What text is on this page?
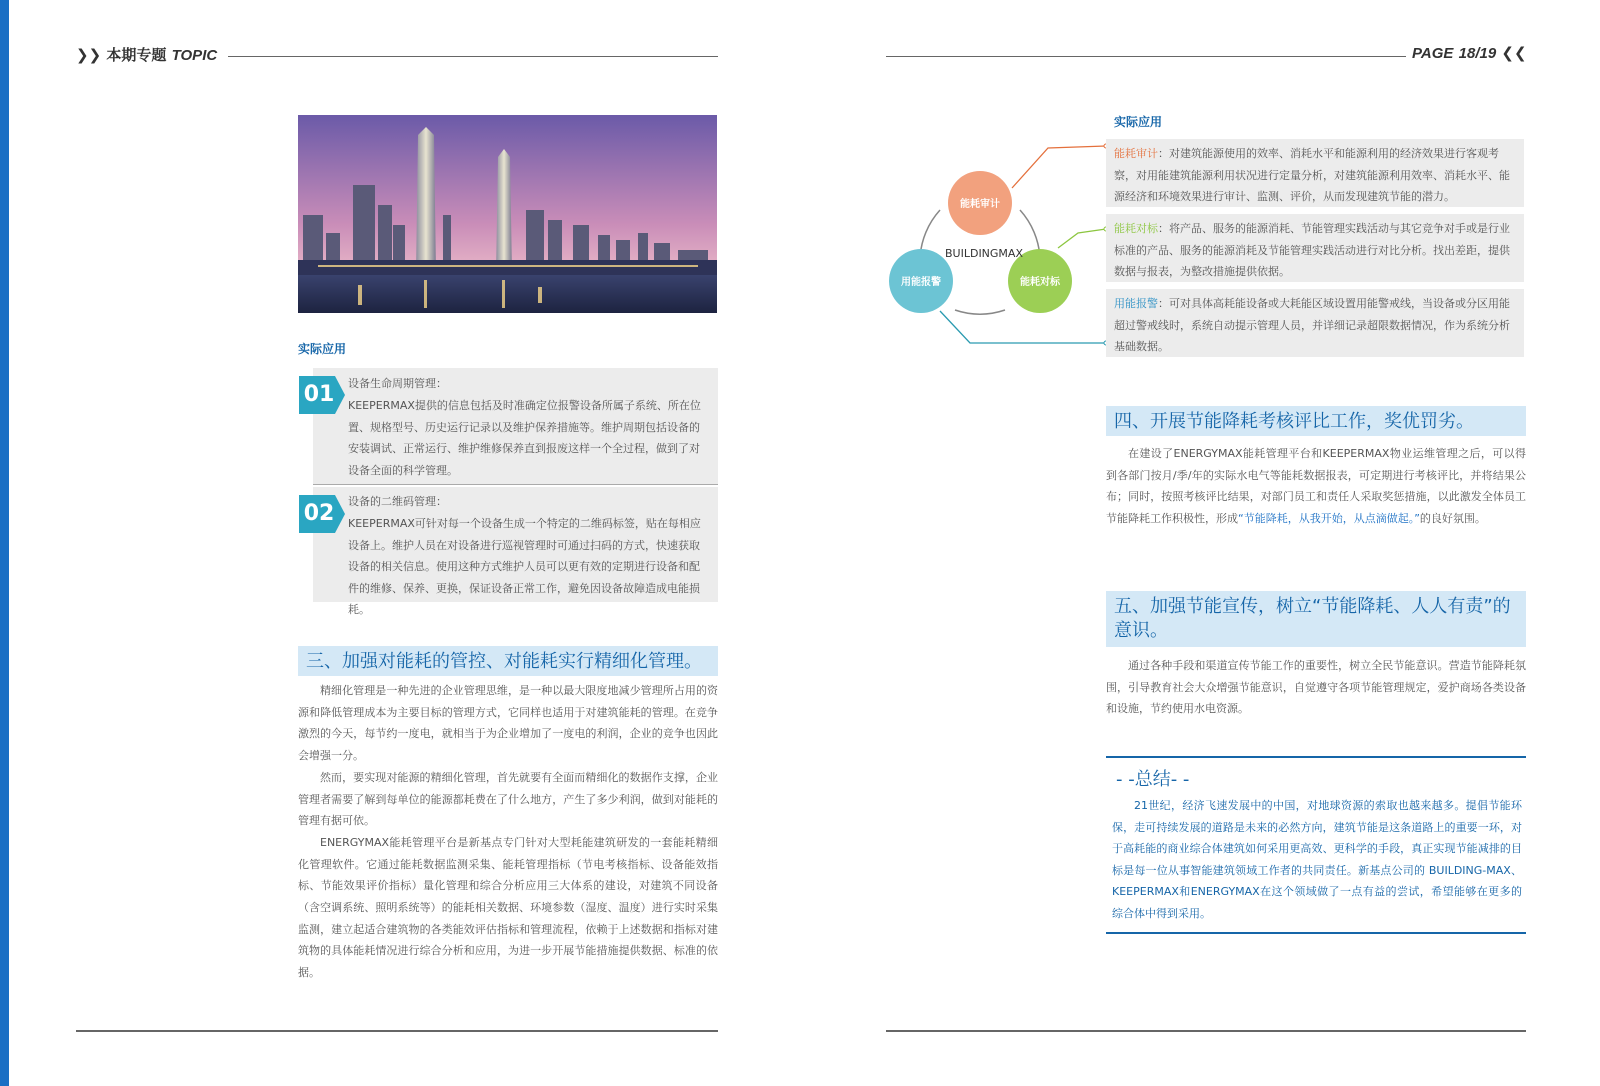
❯❯ 本期专题 TOPIC	PAGE 18/19 ❮❮
实际应用
设备生命周期管理：
KEEPERMAX提供的信息包括及时准确定位报警设备所属子系统、所在位置、规格型号、历史运行记录以及维护保养措施等。维护周期包括设备的安装调试、正常运行、维护维修保养直到报废这样一个全过程，做到了对设备全面的科学管理。
01
设备的二维码管理：
KEEPERMAX可针对每一个设备生成一个特定的二维码标签，贴在每相应设备上。维护人员在对设备进行巡视管理时可通过扫码的方式，快速获取设备的相关信息。使用这种方式维护人员可以更有效的定期进行设备和配件的维修、保养、更换，保证设备正常工作，避免因设备故障造成电能损耗。
02
三、加强对能耗的管控、对能耗实行精细化管理。

精细化管理是一种先进的企业管理思维，是一种以最大限度地减少管理所占用的资源和降低管理成本为主要目标的管理方式，它同样也适用于对建筑能耗的管理。在竞争激烈的今天，每节约一度电，就相当于为企业增加了一度电的利润，企业的竞争也因此会增强一分。

然而，要实现对能源的精细化管理，首先就要有全面而精细化的数据作支撑，企业管理者需要了解到每单位的能源都耗费在了什么地方，产生了多少利润，做到对能耗的管理有据可依。

ENERGYMAX能耗管理平台是新基点专门针对大型耗能建筑研发的一套能耗精细化管理软件。它通过能耗数据监测采集、能耗管理指标（节电考核指标、设备能效指标、节能效果评价指标）量化管理和综合分析应用三大体系的建设，对建筑不同设备（含空调系统、照明系统等）的能耗相关数据、环境参数（湿度、温度）进行实时采集监测，建立起适合建筑物的各类能效评估指标和管理流程，依赖于上述数据和指标对建筑物的具体能耗情况进行综合分析和应用，为进一步开展节能措施提供数据、标准的依据。

实际应用
能耗审计
能耗对标
用能报警
BUILDINGMAX
能耗审计：对建筑能源使用的效率、消耗水平和能源利用的经济效果进行客观考察，对用能建筑能源利用状况进行定量分析，对建筑能源利用效率、消耗水平、能源经济和环境效果进行审计、监测、评价，从而发现建筑节能的潜力。
能耗对标：将产品、服务的能源消耗、节能管理实践活动与其它竞争对手或是行业标准的产品、服务的能源消耗及节能管理实践活动进行对比分析。找出差距，提供数据与报表，为整改措施提供依据。
用能报警：可对具体高耗能设备或大耗能区域设置用能警戒线，当设备或分区用能超过警戒线时，系统自动提示管理人员，并详细记录超限数据情况，作为系统分析基础数据。
四、开展节能降耗考核评比工作，奖优罚劣。

在建设了ENERGYMAX能耗管理平台和KEEPERMAX物业运维管理之后，可以得到各部门按月/季/年的实际水电气等能耗数据报表，可定期进行考核评比，并将结果公布；同时，按照考核评比结果，对部门员工和责任人采取奖惩措施，以此激发全体员工节能降耗工作积极性，形成“节能降耗，从我开始，从点滴做起。”的良好氛围。

五、加强节能宣传，树立“节能降耗、人人有责”的意识。

通过各种手段和渠道宣传节能工作的重要性，树立全民节能意识。营造节能降耗氛围，引导教育社会大众增强节能意识，自觉遵守各项节能管理规定，爱护商场各类设备和设施，节约使用水电资源。

- -总结- -

21世纪，经济飞速发展中的中国，对地球资源的索取也越来越多。提倡节能环保，走可持续发展的道路是未来的必然方向，建筑节能是这条道路上的重要一环，对于高耗能的商业综合体建筑如何采用更高效、更科学的手段，真正实现节能减排的目标是每一位从事智能建筑领域工作者的共同责任。新基点公司的 BUILDING-MAX、KEEPERMAX和ENERGYMAX在这个领域做了一点有益的尝试，希望能够在更多的综合体中得到采用。
